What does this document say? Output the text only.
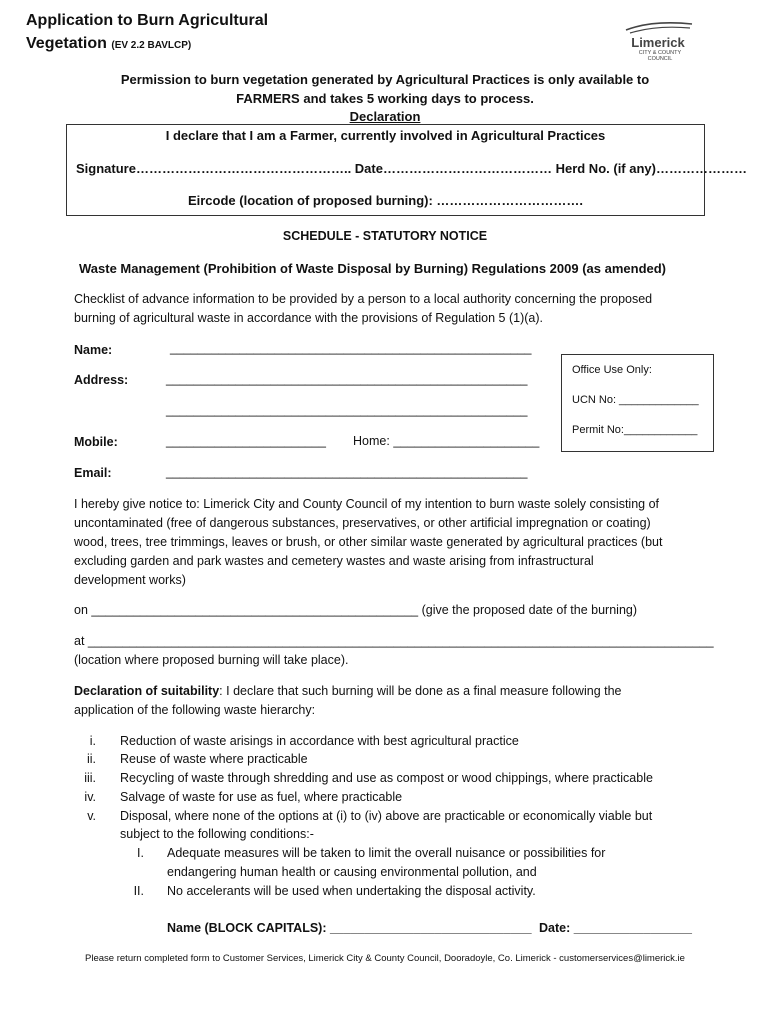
Application to Burn Agricultural
Vegetation (EV 2.2 BAVLCP)	Limerick
CITY & COUNTY
COUNCIL
Permission to burn vegetation generated by Agricultural Practices is only available to
FARMERS and takes 5 working days to process.
Declaration
I declare that I am a Farmer, currently involved in Agricultural Practices
Signature………………………………………….. Date………………………………… Herd No. (if any)…………………
Eircode (location of proposed burning): …………………………….
SCHEDULE - STATUTORY NOTICE
Waste Management (Prohibition of Waste Disposal by Burning) Regulations 2009 (as amended)
Checklist of advance information to be provided by a person to a local authority concerning the proposed
burning of agricultural waste in accordance with the provisions of Regulation 5 (1)(a).
Name:	____________________________________________________
Address:	____________________________________________________
____________________________________________________
Mobile:	_______________________ Home: _____________________
Email:	____________________________________________________
Office Use Only:
UCN No: _____________
Permit No:____________
I hereby give notice to: Limerick City and County Council of my intention to burn waste solely consisting of
uncontaminated (free of dangerous substances, preservatives, or other artificial impregnation or coating)
wood, trees, tree trimmings, leaves or brush, or other similar waste generated by agricultural practices (but
excluding garden and park wastes and cemetery wastes and waste arising from infrastructural
development works)
on _______________________________________________ (give the proposed date of the burning)
at __________________________________________________________________________________________
(location where proposed burning will take place).
Declaration of suitability: I declare that such burning will be done as a final measure following the
application of the following waste hierarchy:
i. Reduction of waste arisings in accordance with best agricultural practice
ii. Reuse of waste where practicable
iii. Recycling of waste through shredding and use as compost or wood chippings, where practicable
iv. Salvage of waste for use as fuel, where practicable
v. Disposal, where none of the options at (i) to (iv) above are practicable or economically viable but
subject to the following conditions:-
I. Adequate measures will be taken to limit the overall nuisance or possibilities for
endangering human health or causing environmental pollution, and
II. No accelerants will be used when undertaking the disposal activity.
Name (BLOCK CAPITALS): _____________________________ Date: _________________
Please return completed form to Customer Services, Limerick City & County Council, Dooradoyle, Co. Limerick - customerservices@limerick.ie
